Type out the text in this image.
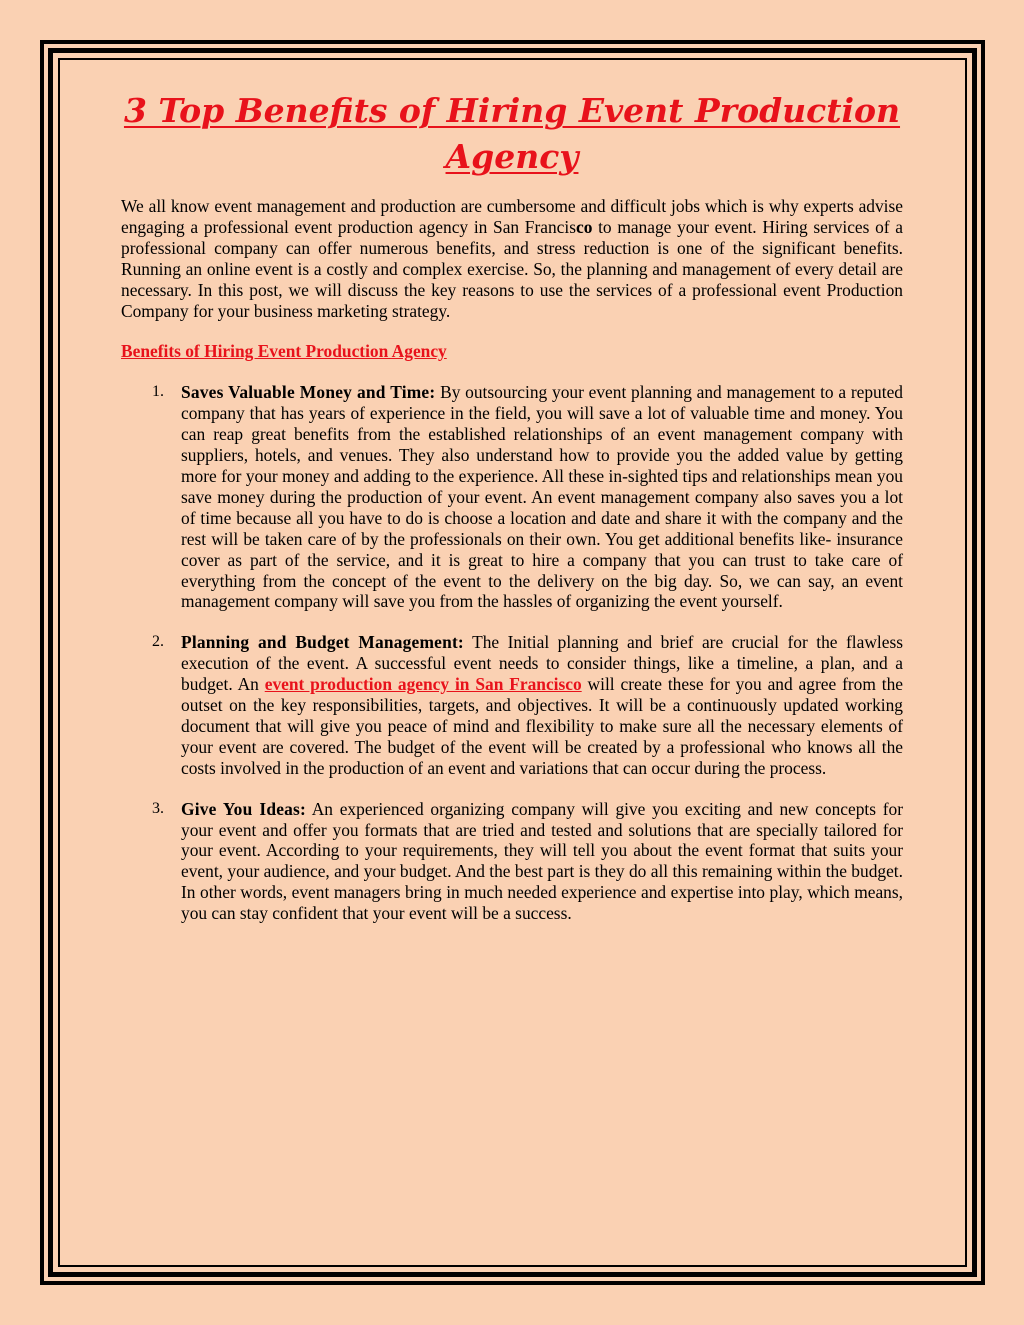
3 Top Benefits of Hiring Event Production Agency

We all know event management and production are cumbersome and difficult jobs which is why experts advise engaging a professional event production agency in San Francisco to manage your event. Hiring services of a professional company can offer numerous benefits, and stress reduction is one of the significant benefits. Running an online event is a costly and complex exercise. So, the planning and management of every detail are necessary. In this post, we will discuss the key reasons to use the services of a professional event Production Company for your business marketing strategy.

Benefits of Hiring Event Production Agency
1. Saves Valuable Money and Time: By outsourcing your event planning and management to a reputed company that has years of experience in the field, you will save a lot of valuable time and money. You can reap great benefits from the established relationships of an event management company with suppliers, hotels, and venues. They also understand how to provide you the added value by getting more for your money and adding to the experience. All these in-sighted tips and relationships mean you save money during the production of your event. An event management company also saves you a lot of time because all you have to do is choose a location and date and share it with the company and the rest will be taken care of by the professionals on their own. You get additional benefits like- insurance cover as part of the service, and it is great to hire a company that you can trust to take care of everything from the concept of the event to the delivery on the big day. So, we can say, an event management company will save you from the hassles of organizing the event yourself.
2. Planning and Budget Management: The Initial planning and brief are crucial for the flawless execution of the event. A successful event needs to consider things, like a timeline, a plan, and a budget. An event production agency in San Francisco will create these for you and agree from the outset on the key responsibilities, targets, and objectives. It will be a continuously updated working document that will give you peace of mind and flexibility to make sure all the necessary elements of your event are covered. The budget of the event will be created by a professional who knows all the costs involved in the production of an event and variations that can occur during the process.
3. Give You Ideas: An experienced organizing company will give you exciting and new concepts for your event and offer you formats that are tried and tested and solutions that are specially tailored for your event. According to your requirements, they will tell you about the event format that suits your event, your audience, and your budget. And the best part is they do all this remaining within the budget. In other words, event managers bring in much needed experience and expertise into play, which means, you can stay confident that your event will be a success.
